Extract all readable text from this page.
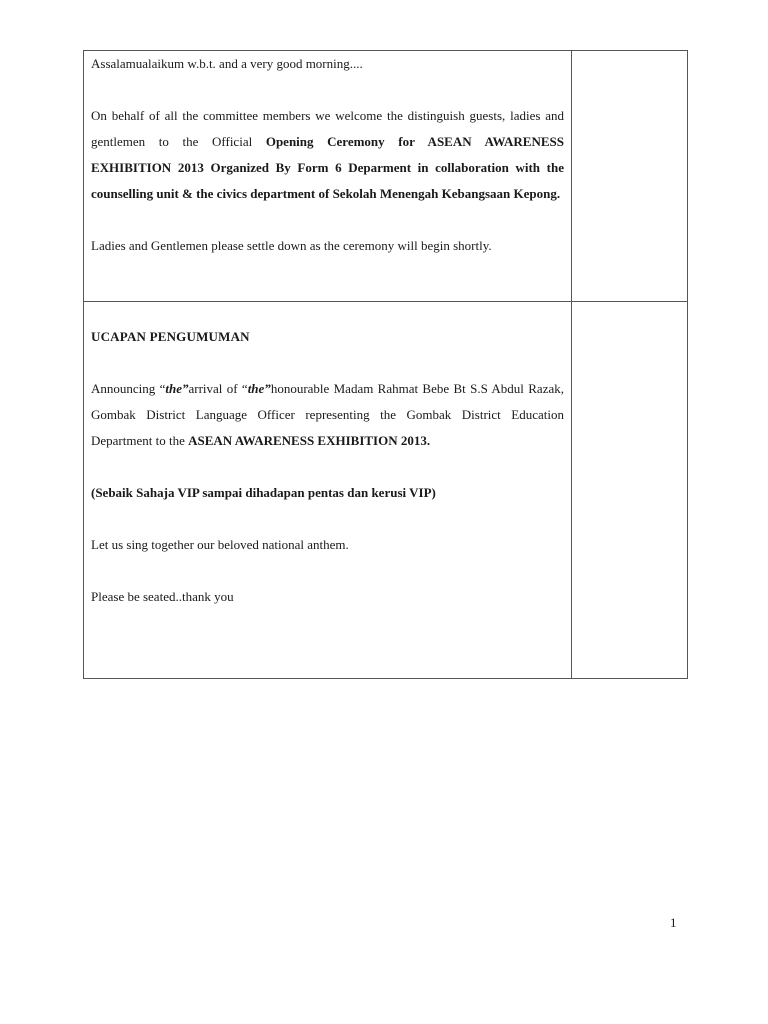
Assalamualaikum w.b.t. and a very good morning....

On behalf of all the committee members we welcome the distinguish guests, ladies and gentlemen to the Official Opening Ceremony for ASEAN AWARENESS EXHIBITION 2013 Organized By Form 6 Deparment in collaboration with the counselling unit & the civics department of Sekolah Menengah Kebangsaan Kepong.

Ladies and Gentlemen please settle down as the ceremony will begin shortly.	

UCAPAN PENGUMUMAN

Announcing “the”arrival of “the”honourable Madam Rahmat Bebe Bt S.S Abdul Razak, Gombak District Language Officer representing the Gombak District Education Department to the ASEAN AWARENESS EXHIBITION 2013.

(Sebaik Sahaja VIP sampai dihadapan pentas dan kerusi VIP)

Let us sing together our beloved national anthem.

Please be seated..thank you	

1
